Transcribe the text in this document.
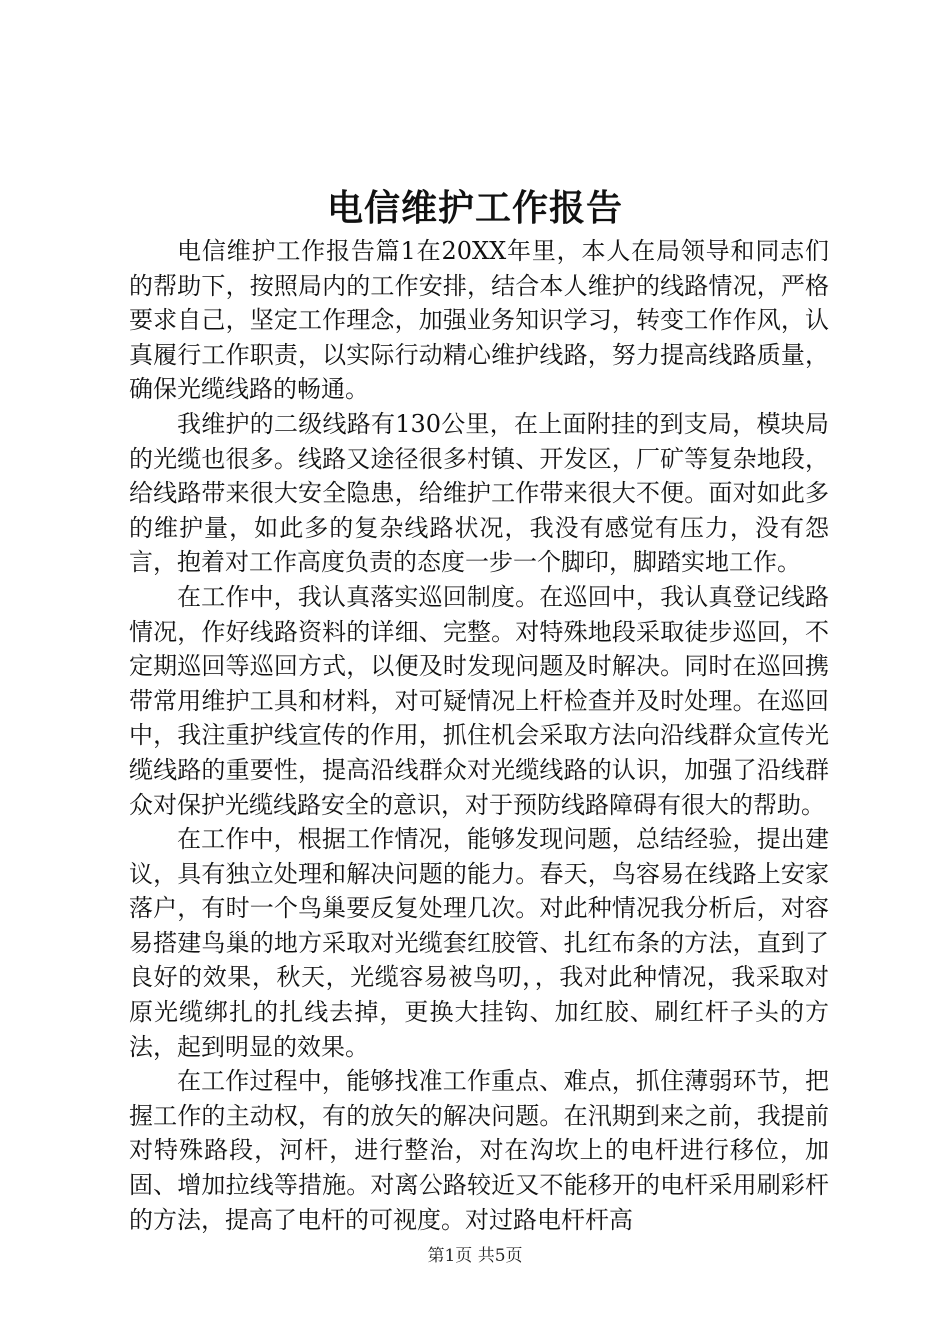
电信维护工作报告

电信维护工作报告篇1在20XX年里，本人在局领导和同志们的帮助下，按照局内的工作安排，结合本人维护的线路情况，严格要求自己，坚定工作理念，加强业务知识学习，转变工作作风，认真履行工作职责，以实际行动精心维护线路，努力提高线路质量，确保光缆线路的畅通。

我维护的二级线路有130公里，在上面附挂的到支局，模块局的光缆也很多。线路又途径很多村镇、开发区，厂矿等复杂地段，给线路带来很大安全隐患，给维护工作带来很大不便。面对如此多的维护量，如此多的复杂线路状况，我没有感觉有压力，没有怨言，抱着对工作高度负责的态度一步一个脚印，脚踏实地工作。

在工作中，我认真落实巡回制度。在巡回中，我认真登记线路情况，作好线路资料的详细、完整。对特殊地段采取徒步巡回，不定期巡回等巡回方式，以便及时发现问题及时解决。同时在巡回携带常用维护工具和材料，对可疑情况上杆检查并及时处理。在巡回中，我注重护线宣传的作用，抓住机会采取方法向沿线群众宣传光缆线路的重要性，提高沿线群众对光缆线路的认识，加强了沿线群众对保护光缆线路安全的意识，对于预防线路障碍有很大的帮助。

在工作中，根据工作情况，能够发现问题，总结经验，提出建议，具有独立处理和解决问题的能力。春天，鸟容易在线路上安家落户，有时一个鸟巢要反复处理几次。对此种情况我分析后，对容易搭建鸟巢的地方采取对光缆套红胶管、扎红布条的方法，直到了良好的效果，秋天，光缆容易被鸟叨，，我对此种情况，我采取对原光缆绑扎的扎线去掉，更换大挂钩、加红胶、刷红杆子头的方法，起到明显的效果。

在工作过程中，能够找准工作重点、难点，抓住薄弱环节，把握工作的主动权，有的放矢的解决问题。在汛期到来之前，我提前对特殊路段，河杆，进行整治，对在沟坎上的电杆进行移位，加固、增加拉线等措施。对离公路较近又不能移开的电杆采用刷彩杆的方法，提高了电杆的可视度。对过路电杆杆高

第1页 共5页
